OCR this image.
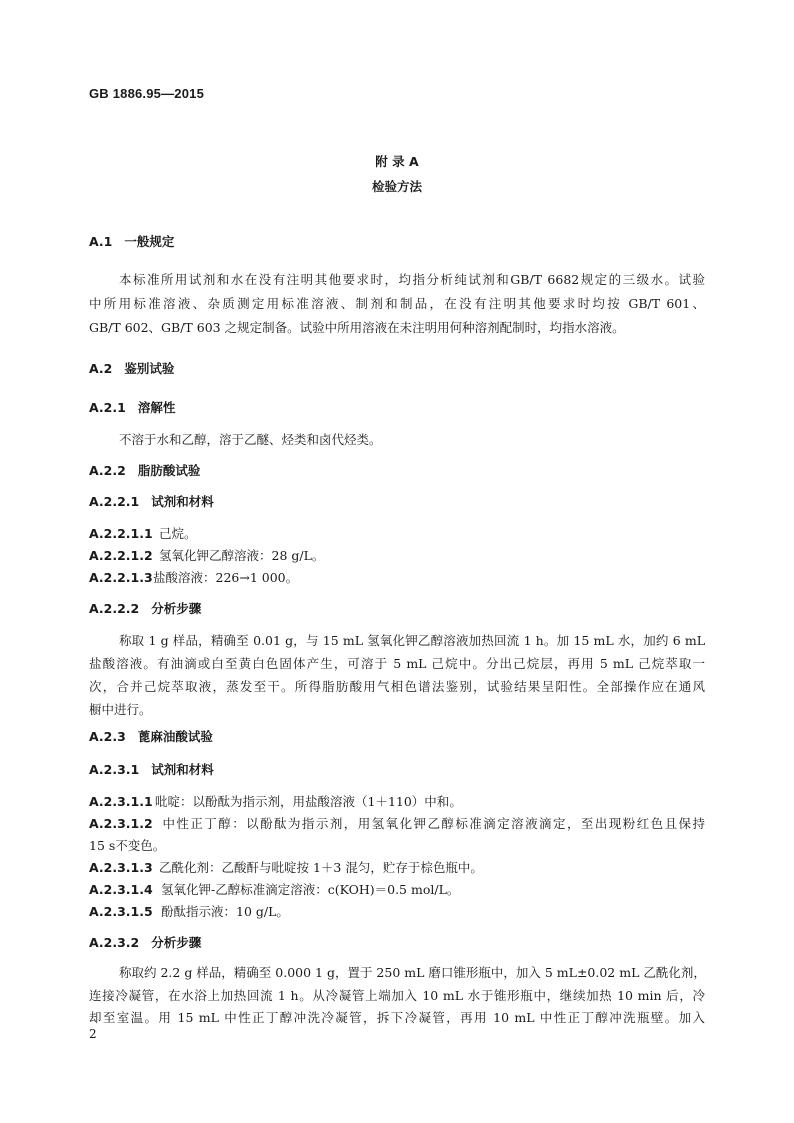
GB 1886.95—2015
附 录 A
检验方法
A.1 一般规定
本标准所用试剂和水在没有注明其他要求时，均指分析纯试剂和GB/T 6682规定的三级水。试验
中所用标准溶液、杂质测定用标准溶液、制剂和制品，在没有注明其他要求时均按 GB/T 601、
GB/T 602、GB/T 603 之规定制备。试验中所用溶液在未注明用何种溶剂配制时，均指水溶液。
A.2 鉴别试验
A.2.1 溶解性
不溶于水和乙醇，溶于乙醚、烃类和卤代烃类。
A.2.2 脂肪酸试验
A.2.2.1 试剂和材料
A.2.2.1.1 己烷。
A.2.2.1.2 氢氧化钾乙醇溶液：28 g/L。
A.2.2.1.3盐酸溶液：226→1 000。
A.2.2.2 分析步骤
称取 1 g 样品，精确至 0.01 g，与 15 mL 氢氧化钾乙醇溶液加热回流 1 h。加 15 mL 水，加约 6 mL
盐酸溶液。有油滴或白至黄白色固体产生，可溶于 5 mL 己烷中。分出己烷层，再用 5 mL 己烷萃取一
次，合并己烷萃取液，蒸发至干。所得脂肪酸用气相色谱法鉴别，试验结果呈阳性。全部操作应在通风
橱中进行。
A.2.3 蓖麻油酸试验
A.2.3.1 试剂和材料
A.2.3.1.1 吡啶：以酚酞为指示剂，用盐酸溶液（1＋110）中和。
A.2.3.1.2 中性正丁醇：以酚酞为指示剂，用氢氧化钾乙醇标准滴定溶液滴定，至出现粉红色且保持
15 s不变色。
A.2.3.1.3 乙酰化剂：乙酸酐与吡啶按 1＋3 混匀，贮存于棕色瓶中。
A.2.3.1.4 氢氧化钾-乙醇标准滴定溶液：c(KOH)＝0.5 mol/L。
A.2.3.1.5 酚酞指示液：10 g/L。
A.2.3.2 分析步骤
称取约 2.2 g 样品，精确至 0.000 1 g，置于 250 mL 磨口锥形瓶中，加入 5 mL±0.02 mL 乙酰化剂，
连接冷凝管，在水浴上加热回流 1 h。从冷凝管上端加入 10 mL 水于锥形瓶中，继续加热 10 min 后，冷
却至室温。用 15 mL 中性正丁醇冲洗冷凝管，拆下冷凝管，再用 10 mL 中性正丁醇冲洗瓶壁。加入
2
